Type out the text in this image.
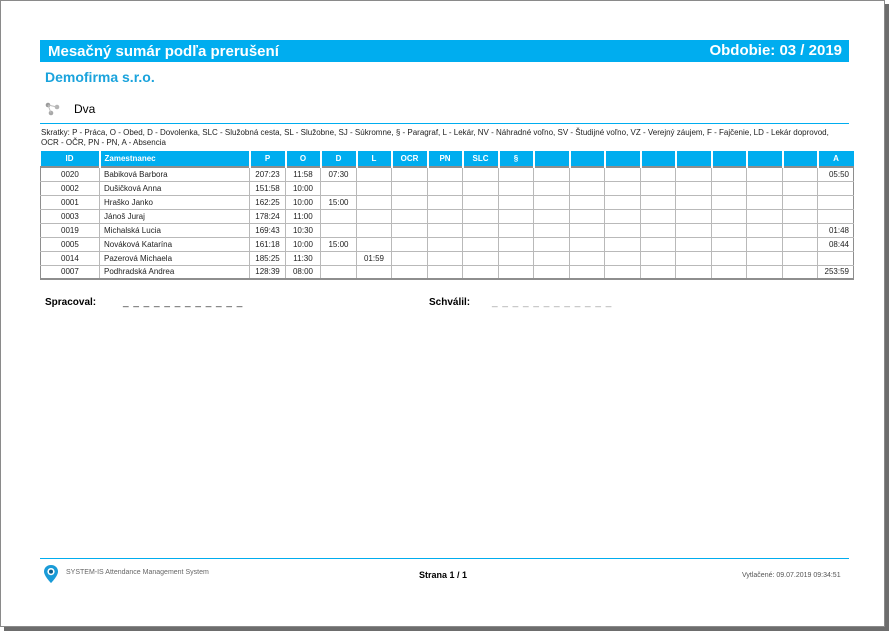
Mesačný sumár podľa prerušení	Obdobie: 03 / 2019
Demofirma s.r.o.
Dva
Skratky: P - Práca, O - Obed, D - Dovolenka, SLC - Služobná cesta, SL - Služobne, SJ - Súkromne, § - Paragraf, L - Lekár, NV - Náhradné voľno, SV - Študijné voľno, VZ - Verejný záujem, F - Fajčenie, LD - Lekár doprovod, OCR - OČR, PN - PN, A - Absencia
ID	Zamestnanec	P	O	D	L	OCR	PN	SLC	§									A
0020	Babiková Barbora	207:23	11:58	07:30														05:50
0002	Dušičková Anna	151:58	10:00															
0001	Hraško Janko	162:25	10:00	15:00														
0003	Jánoš Juraj	178:24	11:00															
0019	Michalská Lucia	169:43	10:30															01:48
0005	Nováková Katarína	161:18	10:00	15:00														08:44
0014	Pazerová Michaela	185:25	11:30		01:59													
0007	Podhradská Andrea	128:39	08:00															253:59
Spracoval:	_ _ _ _ _ _ _ _ _ _ _ _	Schválil: _ _ _ _ _ _ _ _ _ _ _ _
SYSTEM-IS Attendance Management System	Strana 1 / 1	Vytlačené: 09.07.2019 09:34:51
